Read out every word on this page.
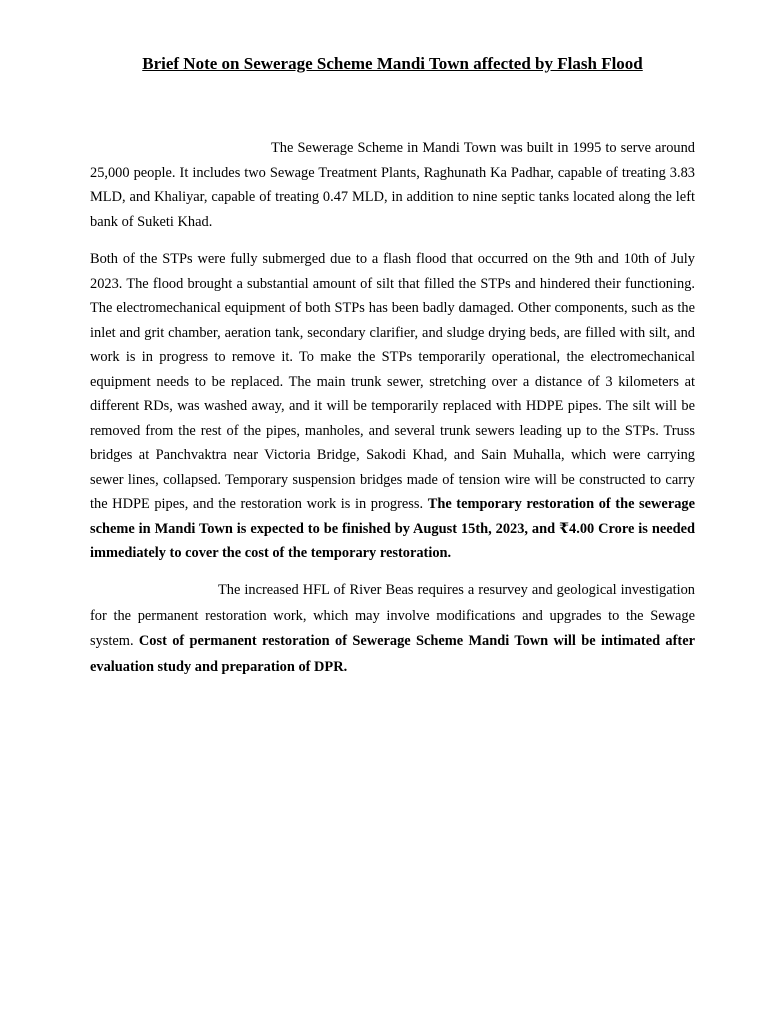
Brief Note on Sewerage Scheme Mandi Town affected by Flash Flood

The Sewerage Scheme in Mandi Town was built in 1995 to serve around 25,000 people. It includes two Sewage Treatment Plants, Raghunath Ka Padhar, capable of treating 3.83 MLD, and Khaliyar, capable of treating 0.47 MLD, in addition to nine septic tanks located along the left bank of Suketi Khad.

Both of the STPs were fully submerged due to a flash flood that occurred on the 9th and 10th of July 2023. The flood brought a substantial amount of silt that filled the STPs and hindered their functioning. The electromechanical equipment of both STPs has been badly damaged. Other components, such as the inlet and grit chamber, aeration tank, secondary clarifier, and sludge drying beds, are filled with silt, and work is in progress to remove it. To make the STPs temporarily operational, the electromechanical equipment needs to be replaced. The main trunk sewer, stretching over a distance of 3 kilometers at different RDs, was washed away, and it will be temporarily replaced with HDPE pipes. The silt will be removed from the rest of the pipes, manholes, and several trunk sewers leading up to the STPs. Truss bridges at Panchvaktra near Victoria Bridge, Sakodi Khad, and Sain Muhalla, which were carrying sewer lines, collapsed. Temporary suspension bridges made of tension wire will be constructed to carry the HDPE pipes, and the restoration work is in progress. The temporary restoration of the sewerage scheme in Mandi Town is expected to be finished by August 15th, 2023, and ₹4.00 Crore is needed immediately to cover the cost of the temporary restoration.

The increased HFL of River Beas requires a resurvey and geological investigation for the permanent restoration work, which may involve modifications and upgrades to the Sewage system. Cost of permanent restoration of Sewerage Scheme Mandi Town will be intimated after evaluation study and preparation of DPR.
